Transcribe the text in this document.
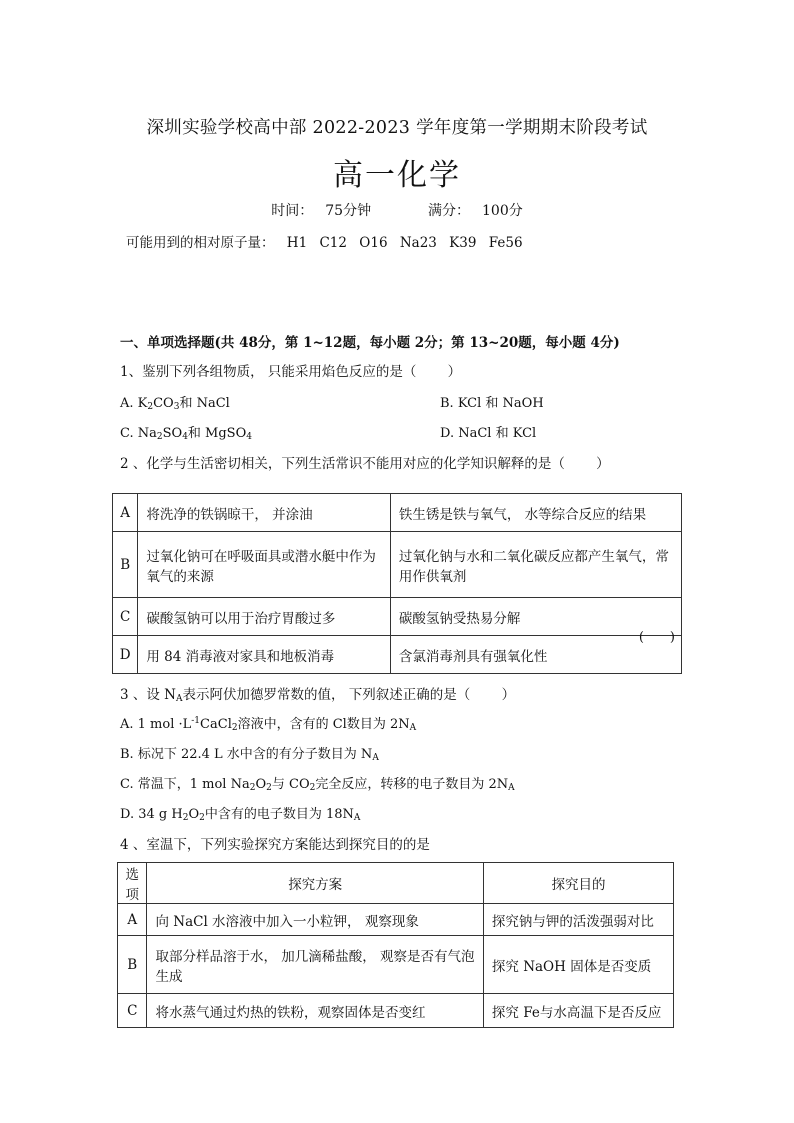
深圳实验学校高中部 2022-2023 学年度第一学期期末阶段考试
高一化学
时间： 75分钟	满分： 100分
可能用到的相对原子量： H1 C12 O16 Na23 K39 Fe56
一、单项选择题(共 48分，第 1~12题，每小题 2分；第 13~20题，每小题 4分)
1、鉴别下列各组物质， 只能采用焰色反应的是（ 　　）
A. $K_2CO_3$和 NaCl	B. KCl 和 NaOH
C. $Na_2SO_4$和 MgSO$_4$	D. NaCl 和 KCl
2 、化学与生活密切相关，下列生活常识不能用对应的化学知识解释的是（ 　　）
A	将洗净的铁锅晾干， 并涂油	铁生锈是铁与氧气， 水等综合反应的结果
B	过氧化钠可在呼吸面具或潜水艇中作为氧气的来源	过氧化钠与水和二氧化碳反应都产生氧气，常用作供氧剂
C	碳酸氢钠可以用于治疗胃酸过多	碳酸氢钠受热易分解
D	用 84 消毒液对家具和地板消毒	含氯消毒剂具有强氧化性
(　　)
3 、设 $N_A$表示阿伏加德罗常数的值， 下列叙述正确的是（ 　　）
A. 1 mol $\cdot L^{-1}CaCl_2$溶液中，含有的 Cl数目为 $2N_A$
B. 标况下 22.4 L 水中含的有分子数目为 $N_A$
C. 常温下，1 mol $Na_2O_2$与 $CO_2$完全反应，转移的电子数目为 $2N_A$
D. 34 g $H_2O_2$中含有的电子数目为 $18N_A$
4 、室温下，下列实验探究方案能达到探究目的的是
选项	探究方案	探究目的
A	向 NaCl 水溶液中加入一小粒钾， 观察现象	探究钠与钾的活泼强弱对比
B	取部分样品溶于水， 加几滴稀盐酸， 观察是否有气泡生成	探究 NaOH 固体是否变质
C	将水蒸气通过灼热的铁粉，观察固体是否变红	探究 Fe与水高温下是否反应
